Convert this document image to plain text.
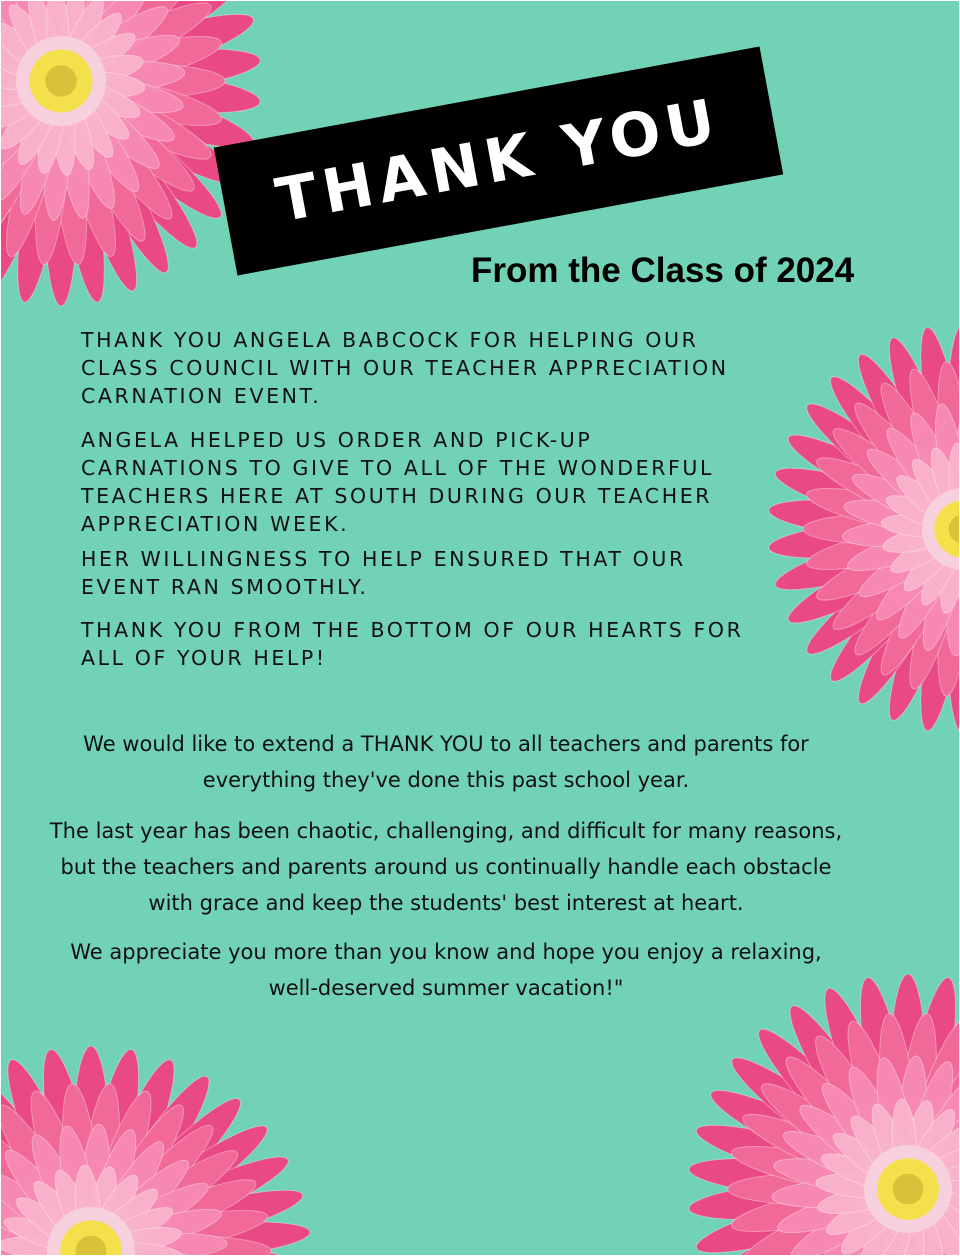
THANK YOU
From the Class of 2024

THANK YOU ANGELA BABCOCK FOR HELPING OUR
CLASS COUNCIL WITH OUR TEACHER APPRECIATION
CARNATION EVENT.

ANGELA HELPED US ORDER AND PICK-UP
CARNATIONS TO GIVE TO ALL OF THE WONDERFUL
TEACHERS HERE AT SOUTH DURING OUR TEACHER
APPRECIATION WEEK.

HER WILLINGNESS TO HELP ENSURED THAT OUR
EVENT RAN SMOOTHLY.

THANK YOU FROM THE BOTTOM OF OUR HEARTS FOR
ALL OF YOUR HELP!

We would like to extend a THANK YOU to all teachers and parents for
everything they've done this past school year.

The last year has been chaotic, challenging, and difficult for many reasons,
but the teachers and parents around us continually handle each obstacle
with grace and keep the students' best interest at heart.

We appreciate you more than you know and hope you enjoy a relaxing,
well-deserved summer vacation!"
